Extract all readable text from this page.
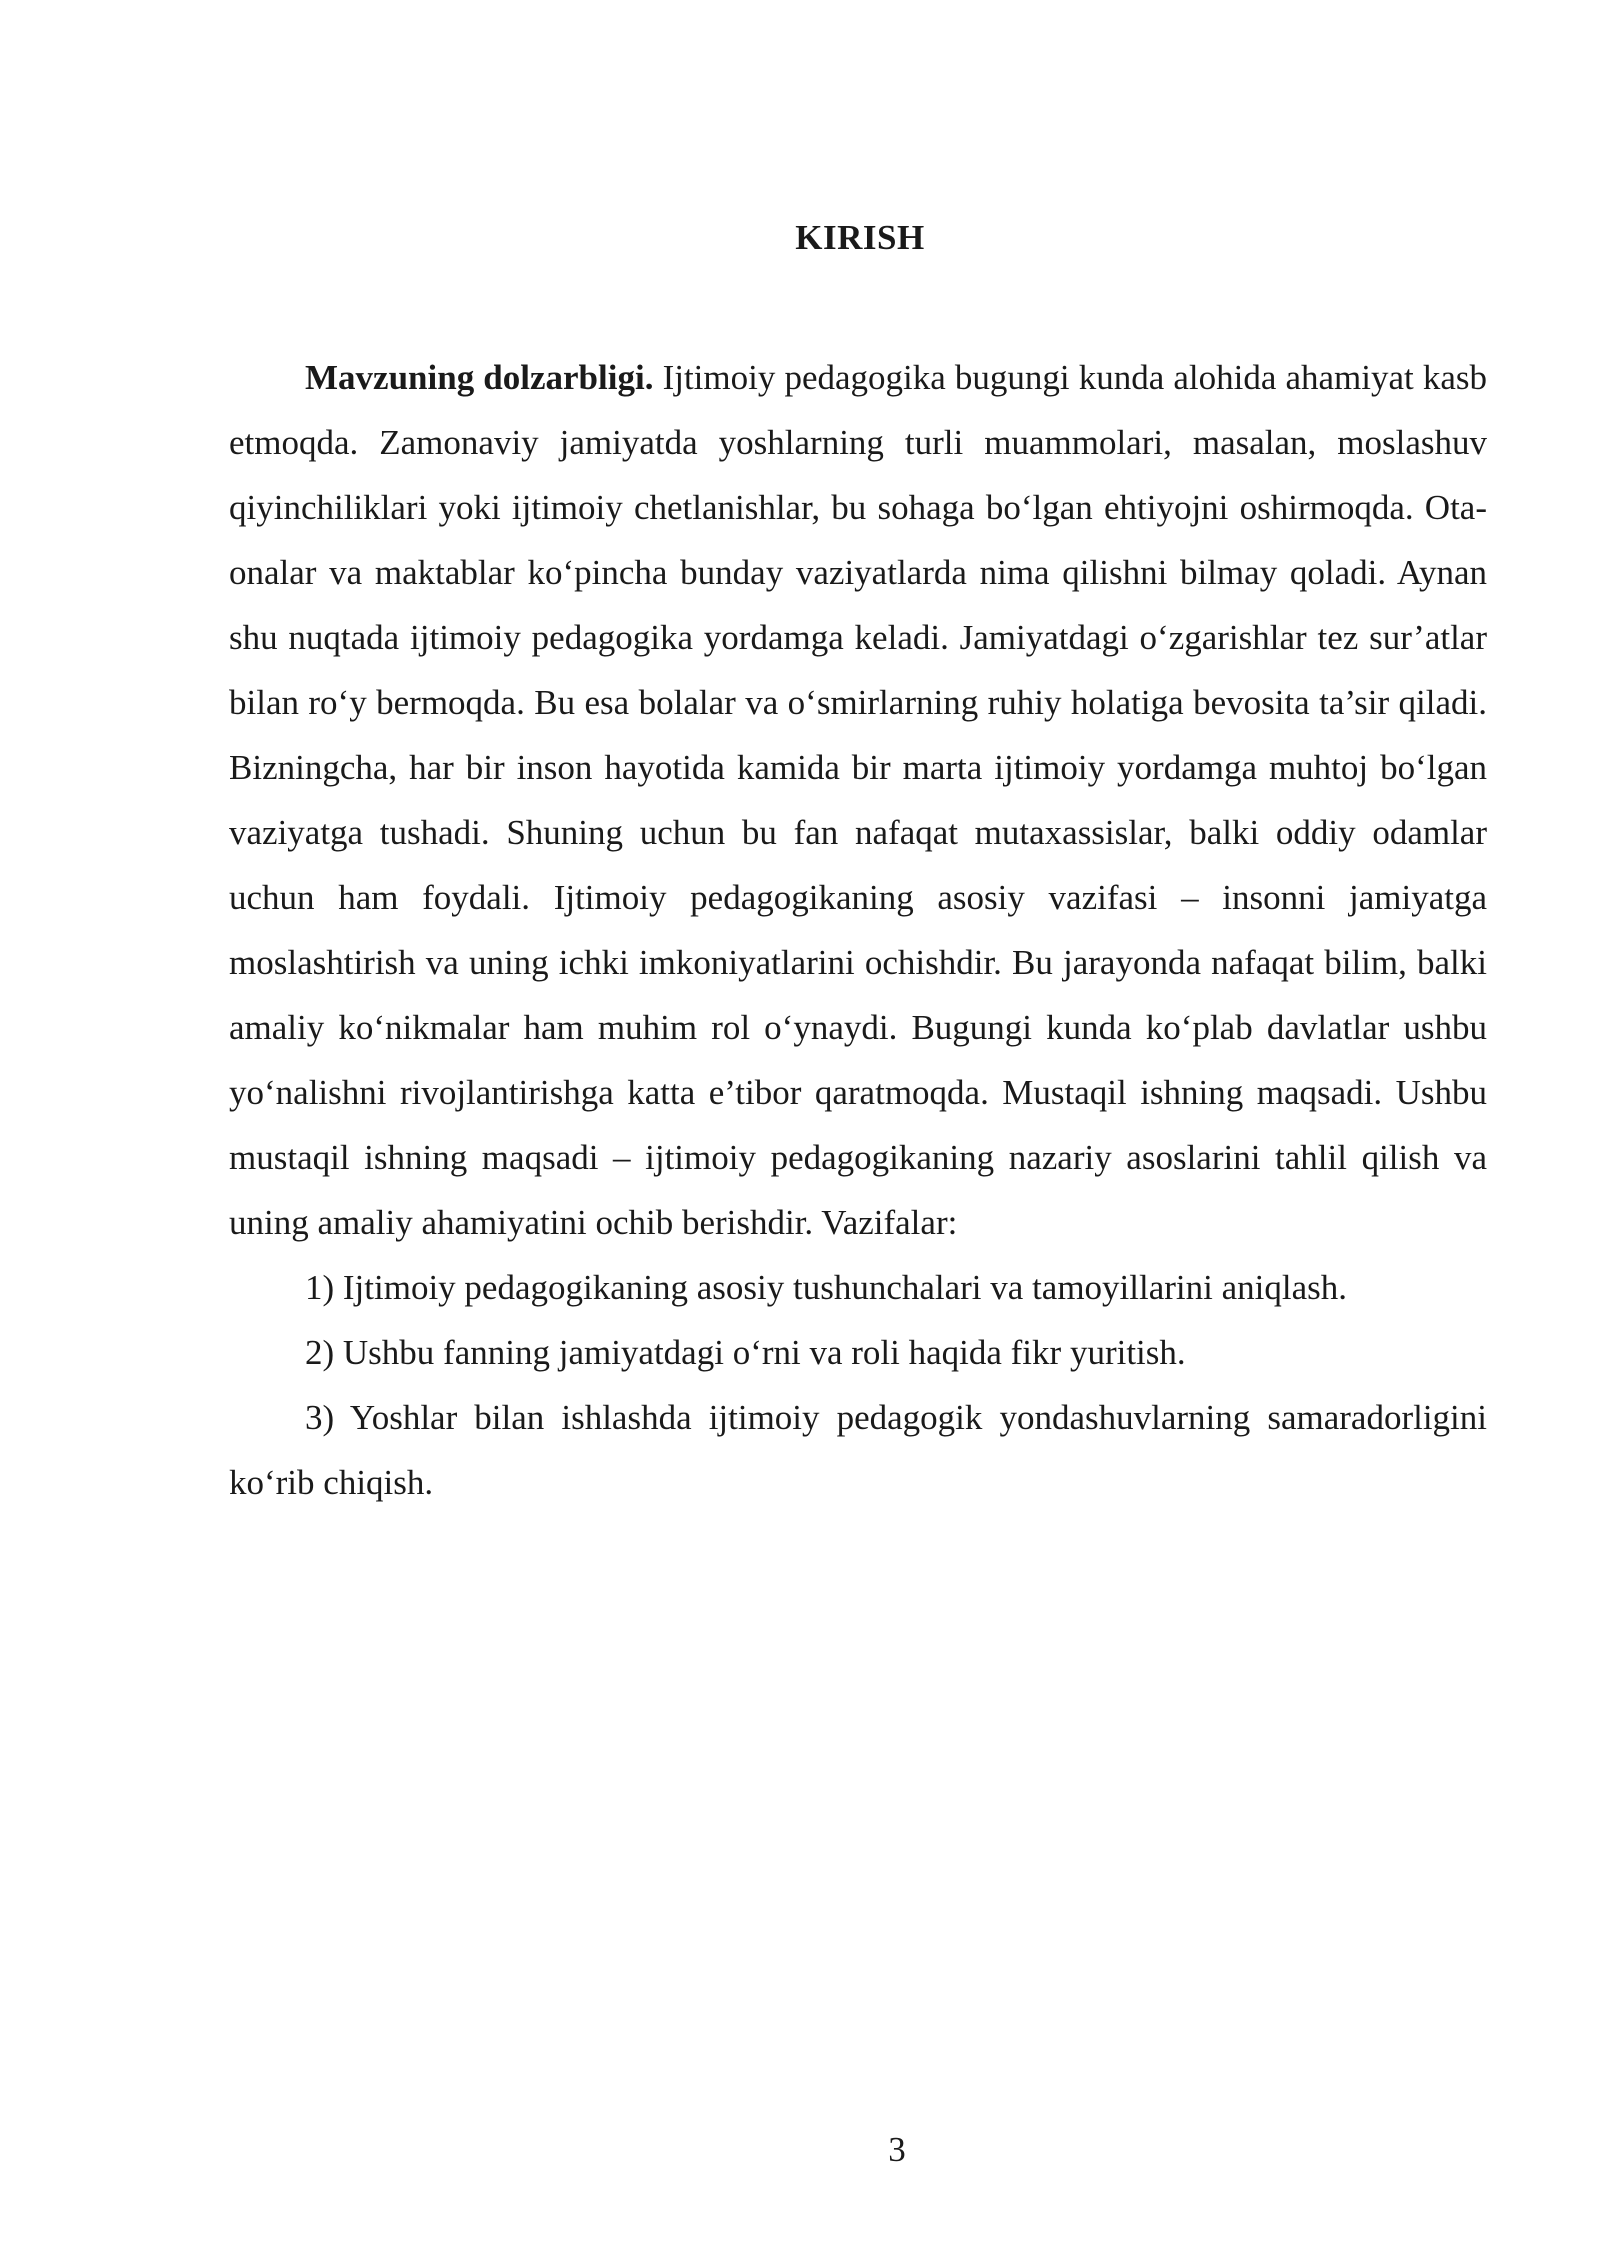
KIRISH

Mavzuning dolzarbligi. Ijtimoiy pedagogika bugungi kunda alohida ahamiyat kasb etmoqda. Zamonaviy jamiyatda yoshlarning turli muammolari, masalan, moslashuv qiyinchiliklari yoki ijtimoiy chetlanishlar, bu sohaga bo‘lgan ehtiyojni oshirmoqda. Ota-onalar va maktablar ko‘pincha bunday vaziyatlarda nima qilishni bilmay qoladi. Aynan shu nuqtada ijtimoiy pedagogika yordamga keladi. Jamiyatdagi o‘zgarishlar tez sur’atlar bilan ro‘y bermoqda. Bu esa bolalar va o‘smirlarning ruhiy holatiga bevosita ta’sir qiladi. Bizningcha, har bir inson hayotida kamida bir marta ijtimoiy yordamga muhtoj bo‘lgan vaziyatga tushadi. Shuning uchun bu fan nafaqat mutaxassislar, balki oddiy odamlar uchun ham foydali. Ijtimoiy pedagogikaning asosiy vazifasi – insonni jamiyatga moslashtirish va uning ichki imkoniyatlarini ochishdir. Bu jarayonda nafaqat bilim, balki amaliy ko‘nikmalar ham muhim rol o‘ynaydi. Bugungi kunda ko‘plab davlatlar ushbu yo‘nalishni rivojlantirishga katta e’tibor qaratmoqda. Mustaqil ishning maqsadi. Ushbu mustaqil ishning maqsadi – ijtimoiy pedagogikaning nazariy asoslarini tahlil qilish va uning amaliy ahamiyatini ochib berishdir. Vazifalar:

1) Ijtimoiy pedagogikaning asosiy tushunchalari va tamoyillarini aniqlash.

2) Ushbu fanning jamiyatdagi o‘rni va roli haqida fikr yuritish.

3) Yoshlar bilan ishlashda ijtimoiy pedagogik yondashuvlarning samaradorligini ko‘rib chiqish.

3
